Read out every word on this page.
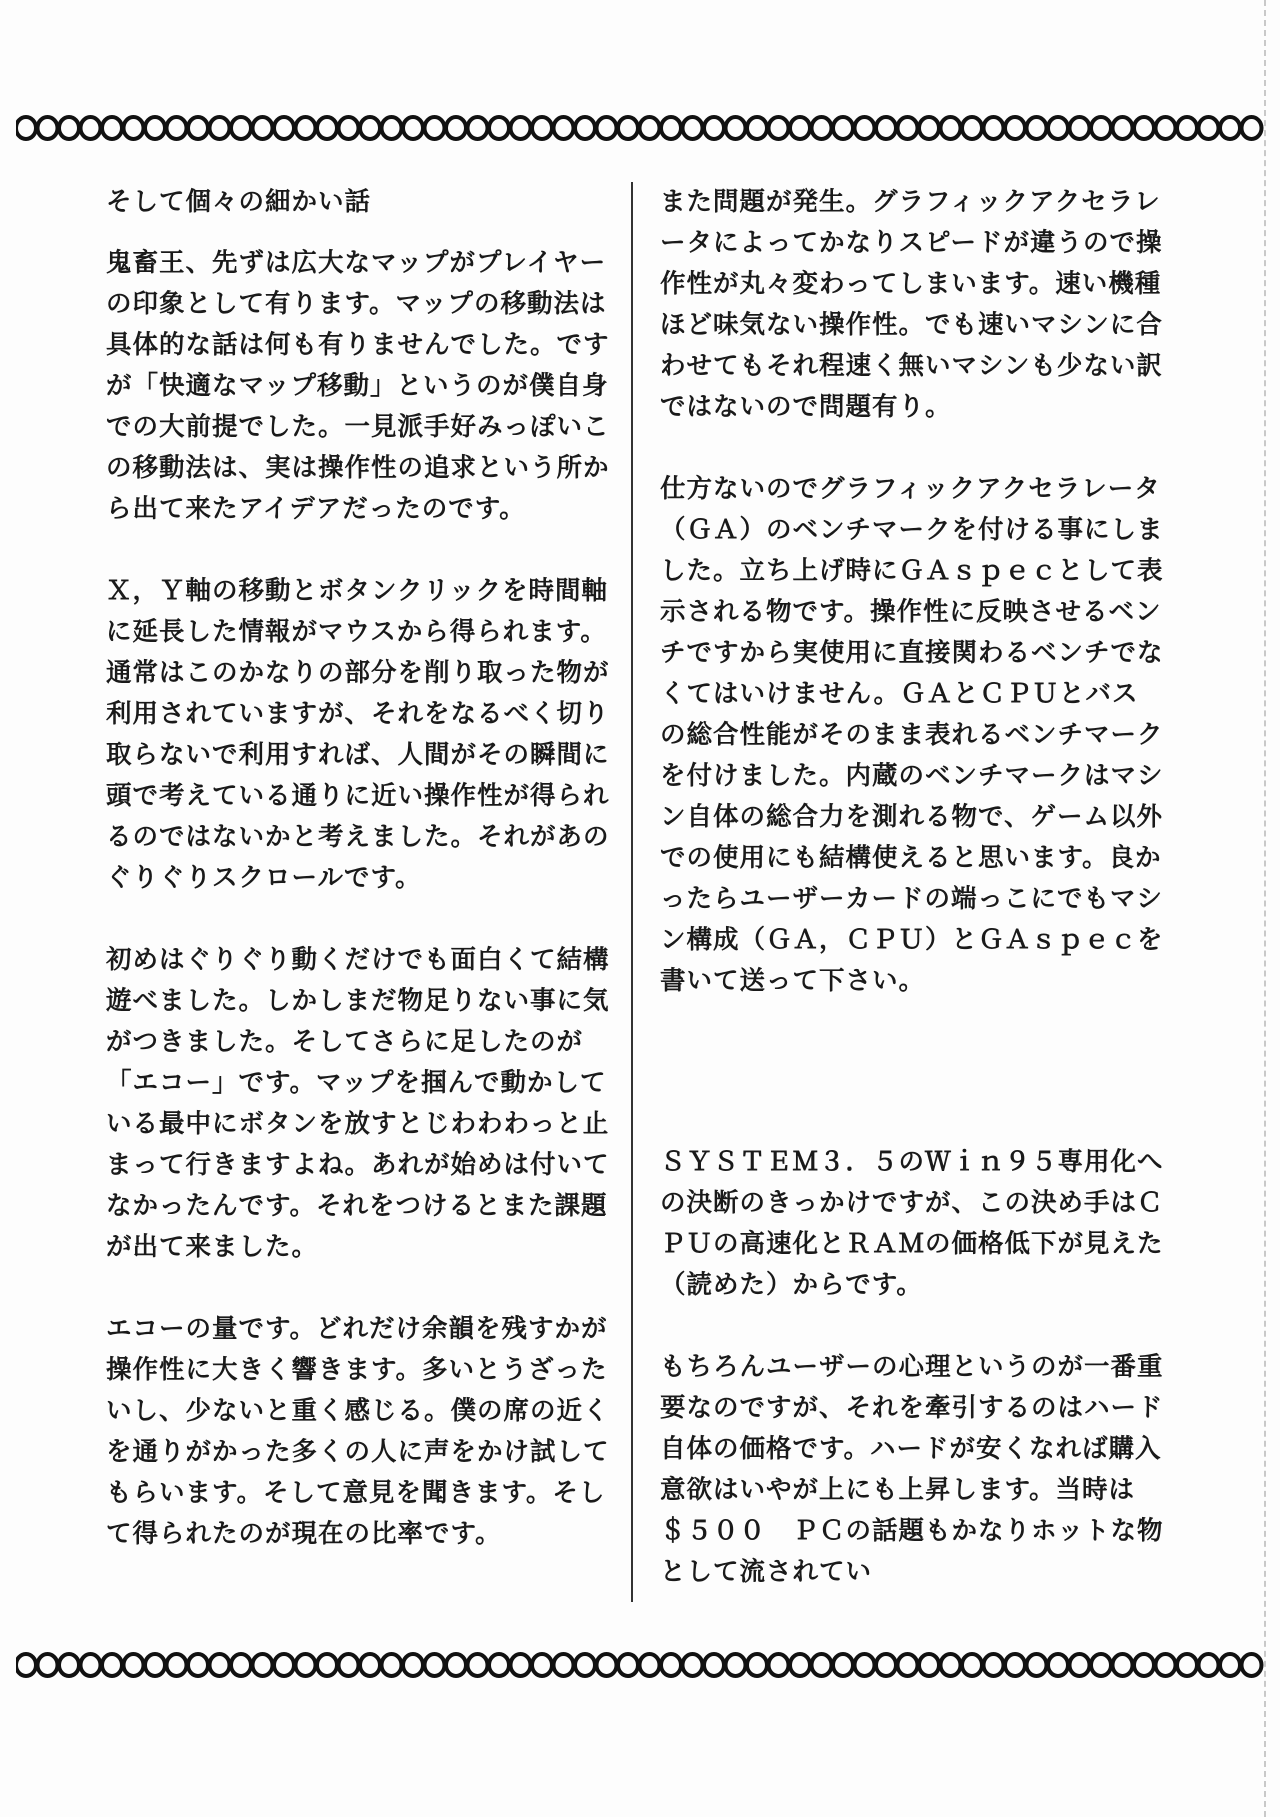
そして個々の細かい話
鬼畜王、先ずは広大なマップがプレイヤーの印象として有ります。マップの移動法は具体的な話は何も有りませんでした。ですが「快適なマップ移動」というのが僕自身での大前提でした。一見派手好みっぽいこの移動法は、実は操作性の追求という所から出て来たアイデアだったのです。
Ｘ，Ｙ軸の移動とボタンクリックを時間軸に延長した情報がマウスから得られます。通常はこのかなりの部分を削り取った物が利用されていますが、それをなるべく切り取らないで利用すれば、人間がその瞬間に頭で考えている通りに近い操作性が得られるのではないかと考えました。それがあのぐりぐりスクロールです。
初めはぐりぐり動くだけでも面白くて結構遊べました。しかしまだ物足りない事に気がつきました。そしてさらに足したのが「エコー」です。マップを掴んで動かしている最中にボタンを放すとじわわわっと止まって行きますよね。あれが始めは付いてなかったんです。それをつけるとまた課題が出て来ました。
エコーの量です。どれだけ余韻を残すかが操作性に大きく響きます。多いとうざったいし、少ないと重く感じる。僕の席の近くを通りがかった多くの人に声をかけ試してもらいます。そして意見を聞きます。そして得られたのが現在の比率です。
また問題が発生。グラフィックアクセラレータによってかなりスピードが違うので操作性が丸々変わってしまいます。速い機種ほど味気ない操作性。でも速いマシンに合わせてもそれ程速く無いマシンも少ない訳ではないので問題有り。
仕方ないのでグラフィックアクセラレータ（ＧＡ）のベンチマークを付ける事にしました。立ち上げ時にＧＡｓｐｅｃとして表示される物です。操作性に反映させるベンチですから実使用に直接関わるベンチでなくてはいけません。ＧＡとＣＰＵとバスの総合性能がそのまま表れるベンチマークを付けました。内蔵のベンチマークはマシン自体の総合力を測れる物で、ゲーム以外での使用にも結構使えると思います。良かったらユーザーカードの端っこにでもマシン構成（ＧＡ，ＣＰＵ）とＧＡｓｐｅｃを書いて送って下さい。
ＳＹＳＴＥＭ３．５のＷｉｎ９５専用化への決断のきっかけですが、この決め手はＣＰＵの高速化とＲＡＭの価格低下が見えた（読めた）からです。
もちろんユーザーの心理というのが一番重要なのですが、それを牽引するのはハード自体の価格です。ハードが安くなれば購入意欲はいやが上にも上昇します。当時は＄５００　ＰＣの話題もかなりホットな物として流されてい
